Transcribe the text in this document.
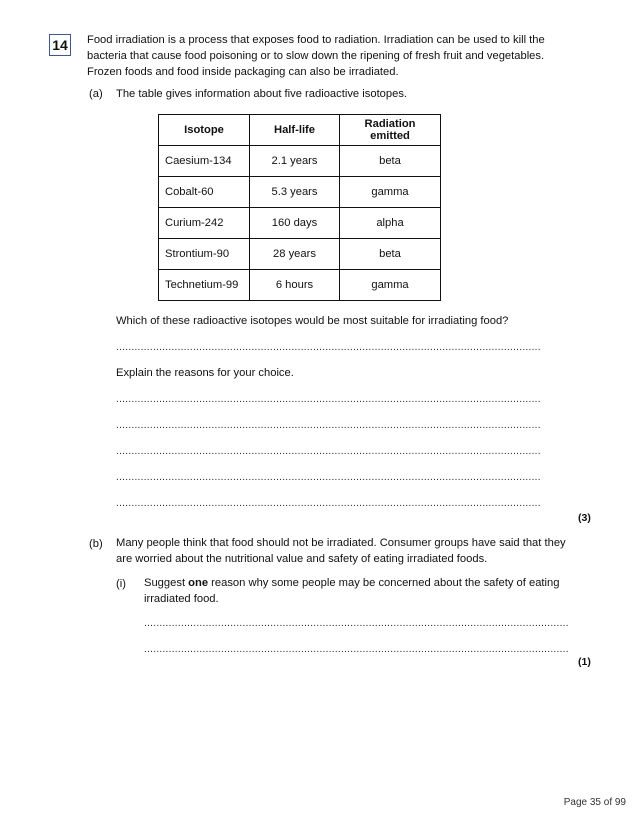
14 Food irradiation is a process that exposes food to radiation. Irradiation can be used to kill the

bacteria that cause food poisoning or to slow down the ripening of fresh fruit and vegetables.

Frozen foods and food inside packaging can also be irradiated.

(a) The table gives information about five radioactive isotopes.
Isotope	Half-life	Radiation emitted
Caesium-134	2.1 years	beta
Cobalt-60	5.3 years	gamma
Curium-242	160 days	alpha
Strontium-90	28 years	beta
Technetium-99	6 hours	gamma
Which of these radioactive isotopes would be most suitable for irradiating food?
..........................................................................................................................................
Explain the reasons for your choice.
..........................................................................................................................................
..........................................................................................................................................
..........................................................................................................................................
..........................................................................................................................................
..........................................................................................................................................
(3)
(b) Many people think that food should not be irradiated. Consumer groups have said that they
are worried about the nutritional value and safety of eating irradiated foods.
(i) Suggest one reason why some people may be concerned about the safety of eating
irradiated food.
..........................................................................................................................................
..........................................................................................................................................
(1)
Page 35 of 99
